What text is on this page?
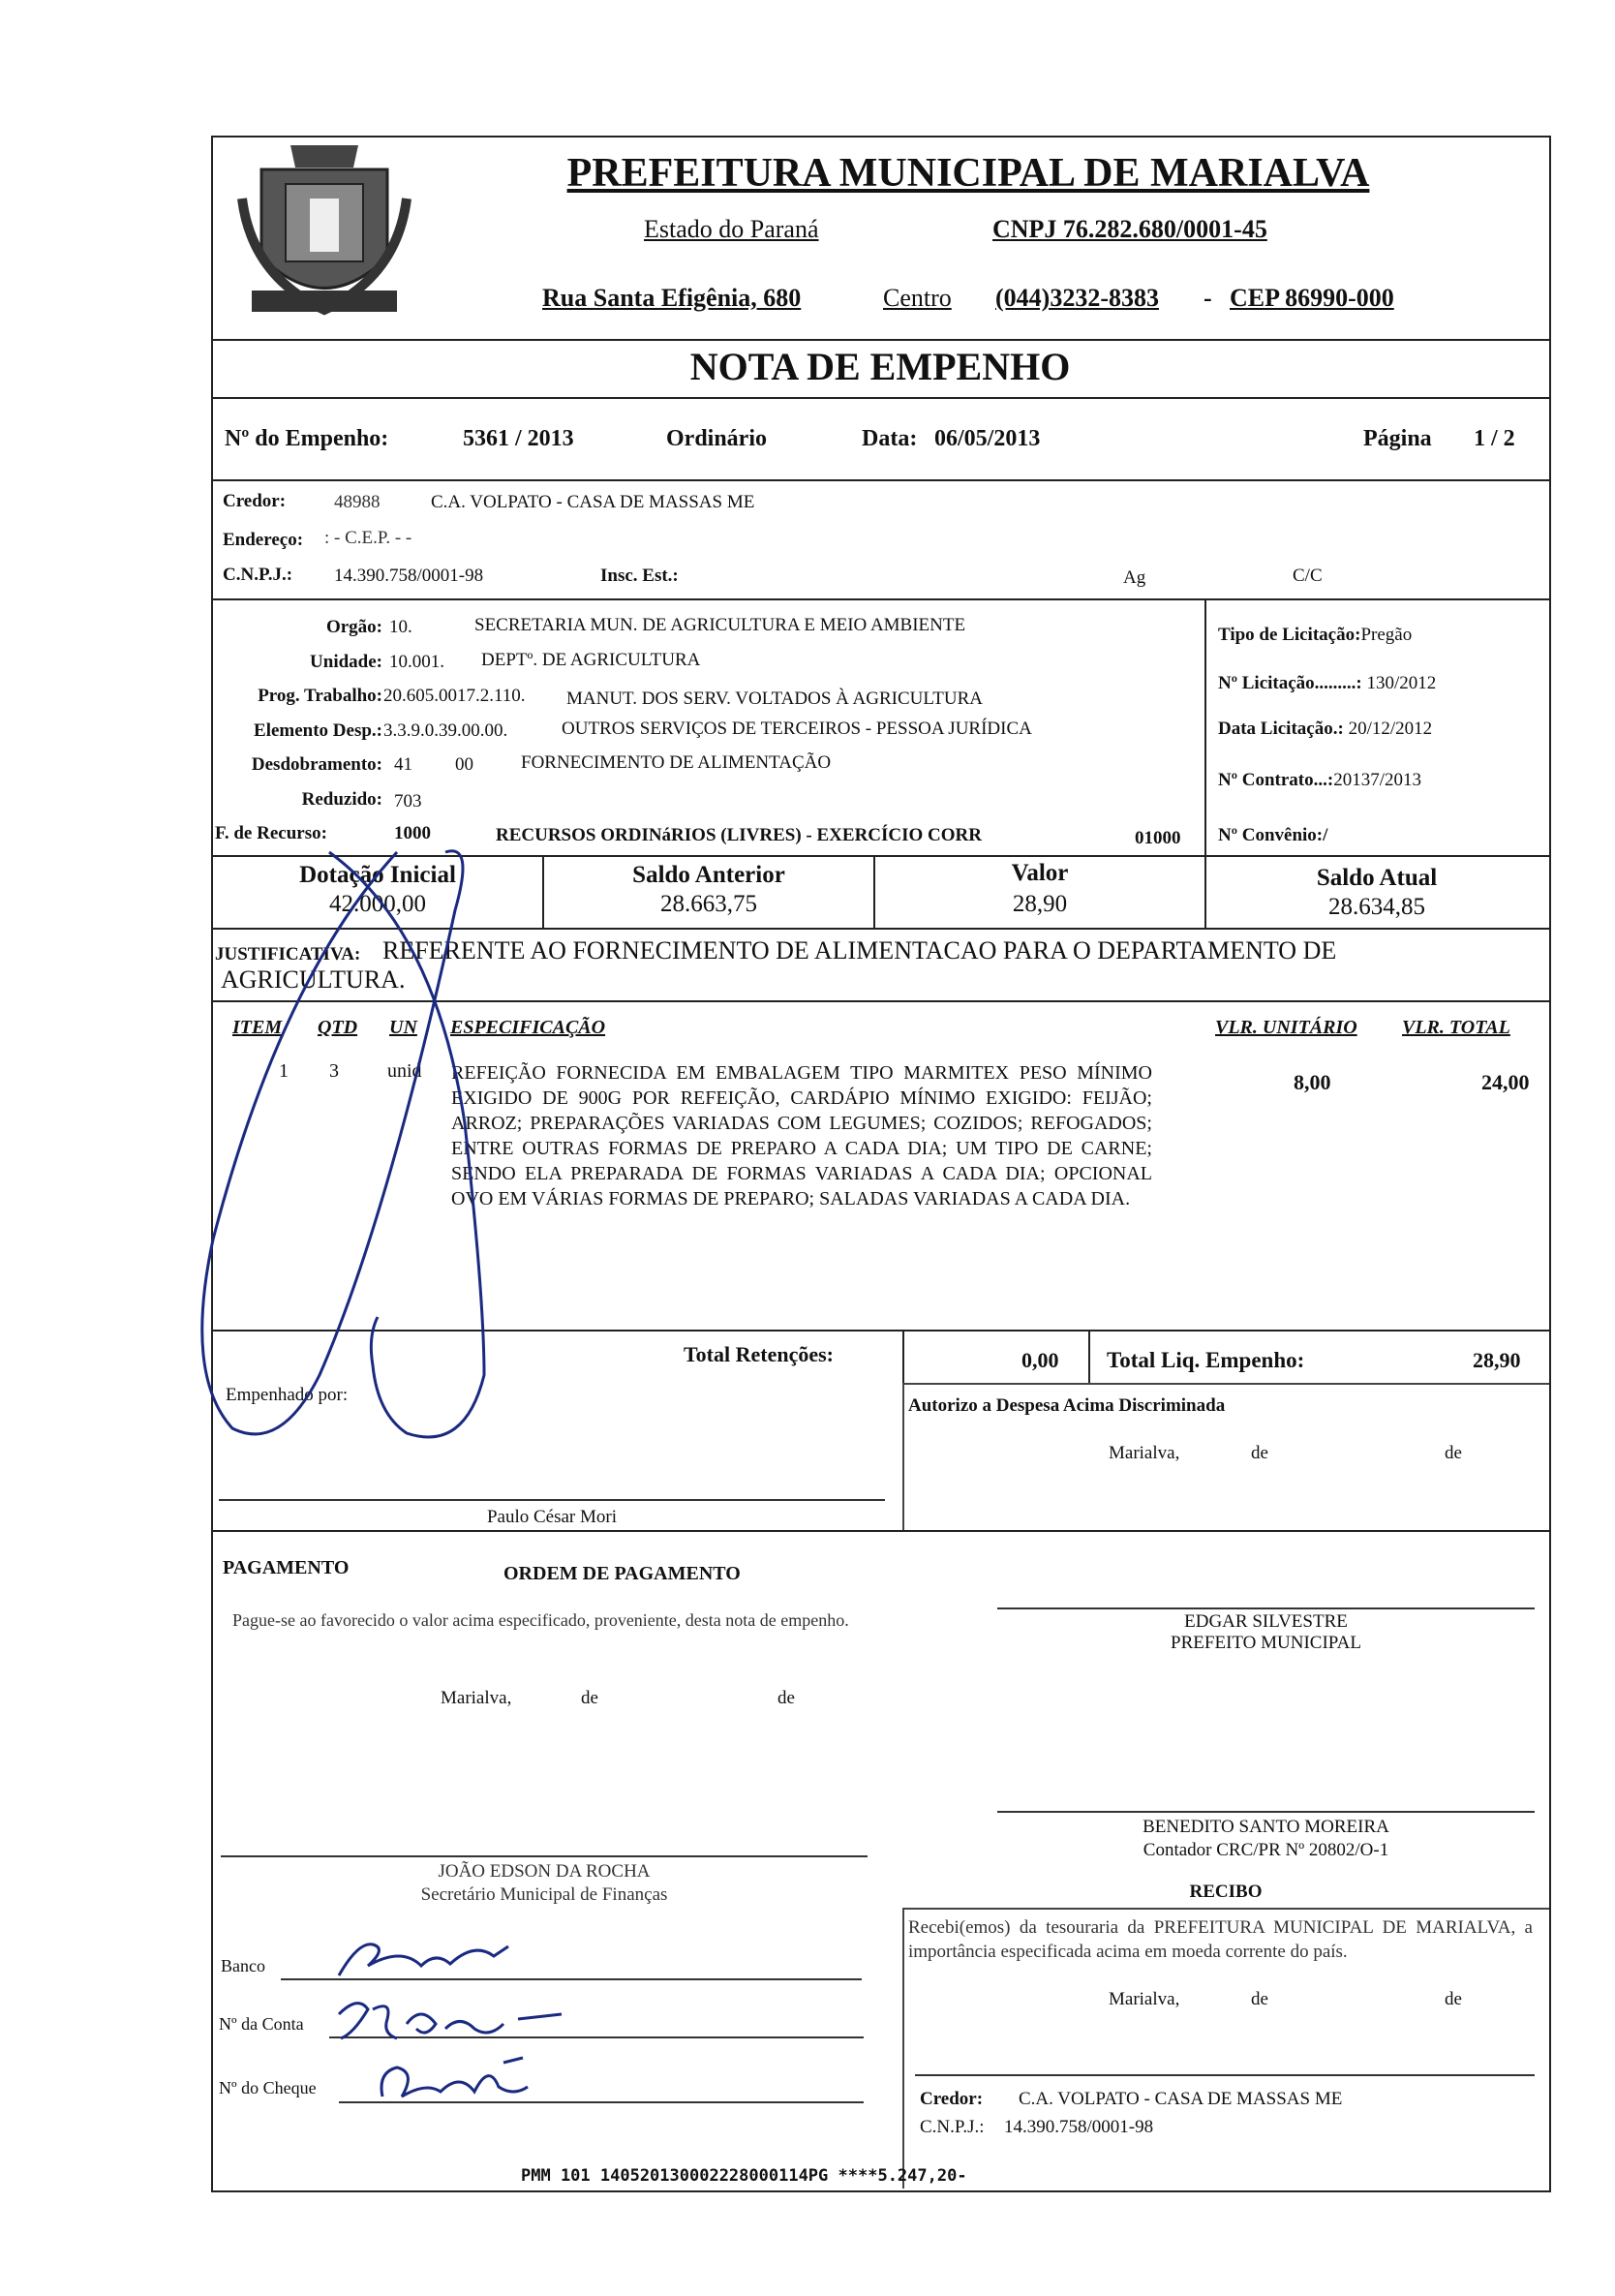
PREFEITURA MUNICIPAL DE MARIALVA
Estado do Paraná	CNPJ 76.282.680/0001-45
Rua Santa Efigênia, 680	Centro (044)3232-8383 - CEP 86990-000
NOTA DE EMPENHO
Nº do Empenho:	5361 / 2013	Ordinário	Data: 06/05/2013	Página 1 / 2
Credor:	48988	C.A. VOLPATO - CASA DE MASSAS ME
Endereço: : - C.E.P. - -
C.N.P.J.: 14.390.758/0001-98	Insc. Est.:	Ag	C/C
Orgão: 10.	SECRETARIA MUN. DE AGRICULTURA E MEIO AMBIENTE
Unidade: 10.001. DEPTº. DE AGRICULTURA
Prog. Trabalho: 20.605.0017.2.110. MANUT. DOS SERV. VOLTADOS À AGRICULTURA
Elemento Desp.: 3.3.9.0.39.00.00.	OUTROS SERVIÇOS DE TERCEIROS - PESSOA JURÍDICA
Desdobramento: 41 00	FORNECIMENTO DE ALIMENTAÇÃO
Reduzido: 703
F. de Recurso:	1000	RECURSOS ORDINáRIOS (LIVRES) - EXERCÍCIO CORR	01000
Tipo de Licitação:Pregão
Nº Licitação.........: 130/2012
Data Licitação.: 20/12/2012
Nº Contrato...:20137/2013
Nº Convênio:/
Dotação Inicial
42.000,00
Saldo Anterior
28.663,75
Valor
28,90
Saldo Atual
28.634,85
JUSTIFICATIVA: REFERENTE AO FORNECIMENTO DE ALIMENTACAO PARA O DEPARTAMENTO DE
AGRICULTURA.
ITEM QTD UN ESPECIFICAÇÃO	VLR. UNITÁRIO VLR. TOTAL
1 3	unid REFEIÇÃO FORNECIDA EM EMBALAGEM TIPO MARMITEX PESO MÍNIMO EXIGIDO DE 900G POR REFEIÇÃO, CARDÁPIO MÍNIMO EXIGIDO: FEIJÃO; ARROZ; PREPARAÇÕES VARIADAS COM LEGUMES; COZIDOS; REFOGADOS; ENTRE OUTRAS FORMAS DE PREPARO A CADA DIA; UM TIPO DE CARNE; SENDO ELA PREPARADA DE FORMAS VARIADAS A CADA DIA; OPCIONAL OVO EM VÁRIAS FORMAS DE PREPARO; SALADAS VARIADAS A CADA DIA.
8,00	24,00
Total Retenções:	0,00 Total Liq. Empenho:	28,90
Empenhado por:
Paulo César Mori
Autorizo a Despesa Acima Discriminada
Marialva,	de	de
PAGAMENTO	ORDEM DE PAGAMENTO
Pague-se ao favorecido o valor acima especificado, proveniente, desta nota de empenho.
Marialva,	de	de
EDGAR SILVESTRE
PREFEITO MUNICIPAL
BENEDITO SANTO MOREIRA
Contador CRC/PR Nº 20802/O-1
JOÃO EDSON DA ROCHA
Secretário Municipal de Finanças
Banco
Nº da Conta
Nº do Cheque
RECIBO
Recebi(emos) da tesouraria da PREFEITURA MUNICIPAL DE MARIALVA, a importância especificada acima em moeda corrente do país.
Marialva,	de	de
Credor: C.A. VOLPATO - CASA DE MASSAS ME
C.N.P.J.: 14.390.758/0001-98
PMM 101 140520130002228000114PG ****5.247,20-
